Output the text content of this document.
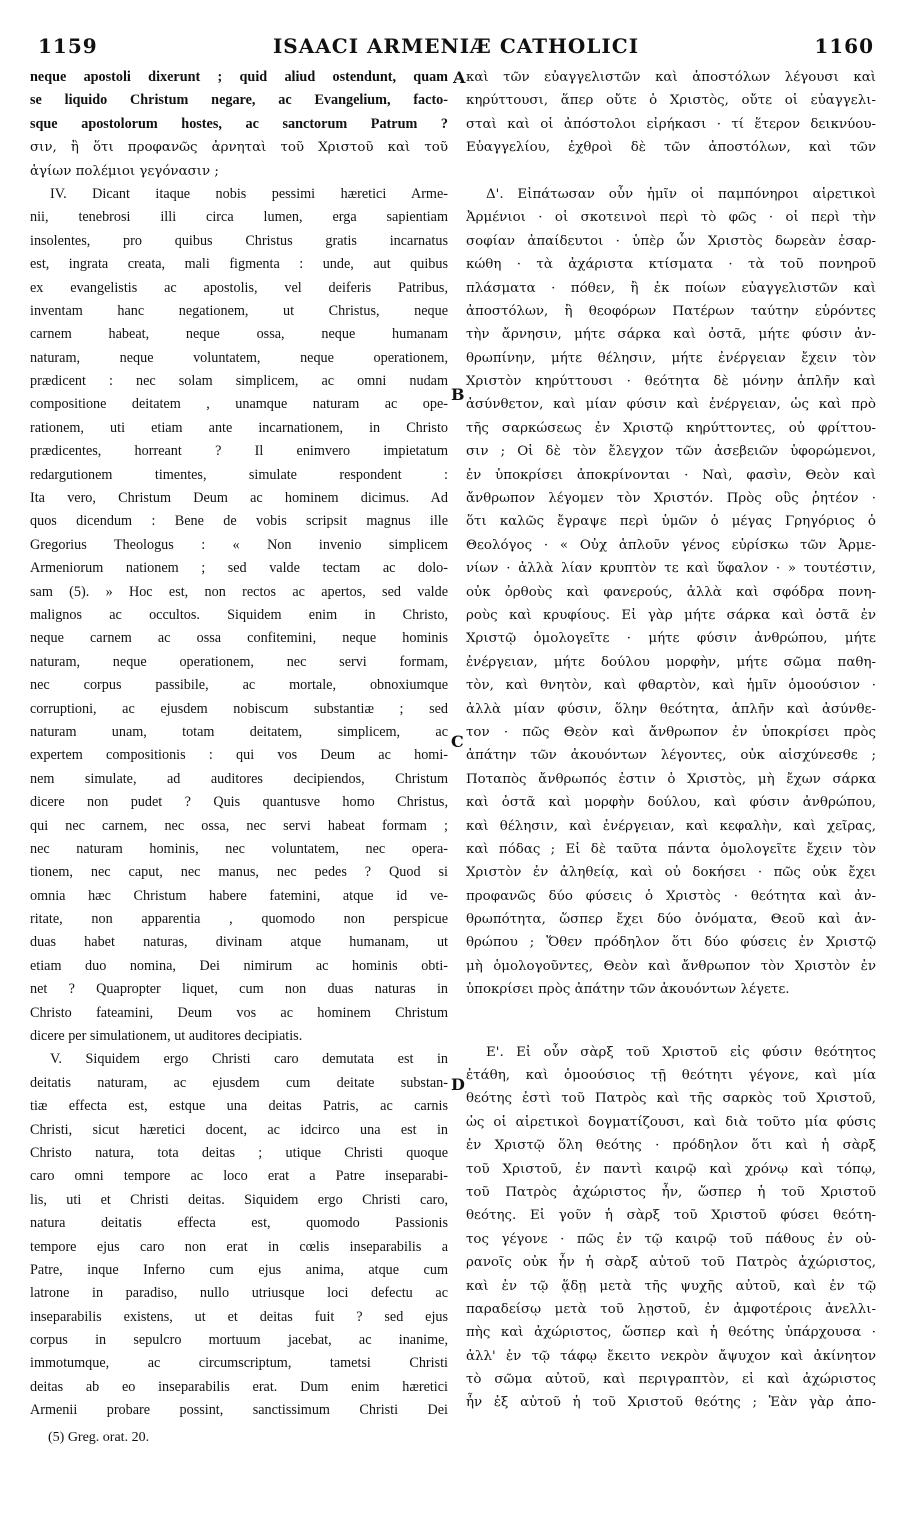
1159	ISAACI ARMENIÆ CATHOLICI	1160
A
B
C
D
neque apostoli dixerunt ; quid aliud ostendunt, quam
se liquido Christum negare, ac Evangelium, facto-
sque apostolorum hostes, ac sanctorum Patrum ?
σιν, ἢ ὅτι προφανῶς ἀρνηταὶ τοῦ Χριστοῦ καὶ τοῦ
ἁγίων πολέμιοι γεγόνασιν ;
IV. Dicant itaque nobis pessimi hæretici Arme-
nii, tenebrosi illi circa lumen, erga sapientiam
insolentes, pro quibus Christus gratis incarnatus
est, ingrata creata, mali figmenta : unde, aut quibus
ex evangelistis ac apostolis, vel deiferis Patribus,
inventam hanc negationem, ut Christus, neque
carnem habeat, neque ossa, neque humanam
naturam, neque voluntatem, neque operationem,
prædicent : nec solam simplicem, ac omni nudam
compositione deitatem , unamque naturam ac ope-
rationem, uti etiam ante incarnationem, in Christo
prædicentes, horreant ? Il enimvero impietatum
redargutionem timentes, simulate respondent :
Ita vero, Christum Deum ac hominem dicimus. Ad
quos dicendum : Bene de vobis scripsit magnus ille
Gregorius Theologus : « Non invenio simplicem
Armeniorum nationem ; sed valde tectam ac dolo-
sam (5). » Hoc est, non rectos ac apertos, sed valde
malignos ac occultos. Siquidem enim in Christo,
neque carnem ac ossa confitemini, neque hominis
naturam, neque operationem, nec servi formam,
nec corpus passibile, ac mortale, obnoxiumque
corruptioni, ac ejusdem nobiscum substantiæ ; sed
naturam unam, totam deitatem, simplicem, ac
expertem compositionis : qui vos Deum ac homi-
nem simulate, ad auditores decipiendos, Christum
dicere non pudet ? Quis quantusve homo Christus,
qui nec carnem, nec ossa, nec servi habeat formam ;
nec naturam hominis, nec voluntatem, nec opera-
tionem, nec caput, nec manus, nec pedes ? Quod si
omnia hæc Christum habere fatemini, atque id ve-
ritate, non apparentia , quomodo non perspicue
duas habet naturas, divinam atque humanam, ut
etiam duo nomina, Dei nimirum ac hominis obti-
net ? Quapropter liquet, cum non duas naturas in
Christo fateamini, Deum vos ac hominem Christum
dicere per simulationem, ut auditores decipiatis.
V. Siquidem ergo Christi caro demutata est in
deitatis naturam, ac ejusdem cum deitate substan-
tiæ effecta est, estque una deitas Patris, ac carnis
Christi, sicut hæretici docent, ac idcirco una est in
Christo natura, tota deitas ; utique Christi quoque
caro omni tempore ac loco erat a Patre inseparabi-
lis, uti et Christi deitas. Siquidem ergo Christi caro,
natura deitatis effecta est, quomodo Passionis
tempore ejus caro non erat in cœlis inseparabilis a
Patre, inque Inferno cum ejus anima, atque cum
latrone in paradiso, nullo utriusque loci defectu ac
inseparabilis existens, ut et deitas fuit ? sed ejus
corpus in sepulcro mortuum jacebat, ac inanime,
immotumque, ac circumscriptum, tametsi Christi
deitas ab eo inseparabilis erat. Dum enim hæretici
Armenii probare possint, sanctissimum Christi Dei
καὶ τῶν εὐαγγελιστῶν καὶ ἀποστόλων λέγουσι καὶ
κηρύττουσι, ἅπερ οὔτε ὁ Χριστὸς, οὔτε οἱ εὐαγγελι-
σταὶ καὶ οἱ ἀπόστολοι εἰρήκασι · τί ἕτερον δεικνύου-
Εὐαγγελίου, ἐχθροὶ δὲ τῶν ἀποστόλων, καὶ τῶν
Δ'. Εἰπάτωσαν οὖν ἡμῖν οἱ παμπόνηροι αἱρετικοὶ
Ἀρμένιοι · οἱ σκοτεινοὶ περὶ τὸ φῶς · οἱ περὶ τὴν
σοφίαν ἀπαίδευτοι · ὑπὲρ ὧν Χριστὸς δωρεὰν ἐσαρ-
κώθη · τὰ ἀχάριστα κτίσματα · τὰ τοῦ πονηροῦ
πλάσματα · πόθεν, ἢ ἐκ ποίων εὐαγγελιστῶν καὶ
ἀποστόλων, ἢ θεοφόρων Πατέρων ταύτην εὑρόντες
τὴν ἄρνησιν, μήτε σάρκα καὶ ὀστᾶ, μήτε φύσιν ἀν-
θρωπίνην, μήτε θέλησιν, μήτε ἐνέργειαν ἔχειν τὸν
Χριστὸν κηρύττουσι · θεότητα δὲ μόνην ἁπλῆν καὶ
ἀσύνθετον, καὶ μίαν φύσιν καὶ ἐνέργειαν, ὡς καὶ πρὸ
τῆς σαρκώσεως ἐν Χριστῷ κηρύττοντες, οὐ φρίττου-
σιν ; Οἱ δὲ τὸν ἔλεγχον τῶν ἀσεβειῶν ὑφορώμενοι,
ἐν ὑποκρίσει ἀποκρίνονται · Ναὶ, φασὶν, Θεὸν καὶ
ἄνθρωπον λέγομεν τὸν Χριστόν. Πρὸς οὓς ῥητέον ·
ὅτι καλῶς ἔγραψε περὶ ὑμῶν ὁ μέγας Γρηγόριος ὁ
Θεολόγος · « Οὐχ ἁπλοῦν γένος εὑρίσκω τῶν Ἀρμε-
νίων · ἀλλὰ λίαν κρυπτὸν τε καὶ ὕφαλον · » τουτέστιν,
οὐκ ὀρθοὺς καὶ φανερούς, ἀλλὰ καὶ σφόδρα πονη-
ροὺς καὶ κρυφίους. Εἰ γὰρ μήτε σάρκα καὶ ὀστᾶ ἐν
Χριστῷ ὁμολογεῖτε · μήτε φύσιν ἀνθρώπου, μήτε
ἐνέργειαν, μήτε δούλου μορφὴν, μήτε σῶμα παθη-
τὸν, καὶ θνητὸν, καὶ φθαρτὸν, καὶ ἡμῖν ὁμοούσιον ·
ἀλλὰ μίαν φύσιν, ὅλην θεότητα, ἁπλῆν καὶ ἀσύνθε-
τον · πῶς Θεὸν καὶ ἄνθρωπον ἐν ὑποκρίσει πρὸς
ἀπάτην τῶν ἀκουόντων λέγοντες, οὐκ αἰσχύνεσθε ;
Ποταπὸς ἄνθρωπός ἐστιν ὁ Χριστὸς, μὴ ἔχων σάρκα
καὶ ὀστᾶ καὶ μορφὴν δούλου, καὶ φύσιν ἀνθρώπου,
καὶ θέλησιν, καὶ ἐνέργειαν, καὶ κεφαλὴν, καὶ χεῖρας,
καὶ πόδας ; Εἰ δὲ ταῦτα πάντα ὁμολογεῖτε ἔχειν τὸν
Χριστὸν ἐν ἀληθείᾳ, καὶ οὐ δοκήσει · πῶς οὐκ ἔχει
προφανῶς δύο φύσεις ὁ Χριστὸς · θεότητα καὶ ἀν-
θρωπότητα, ὥσπερ ἔχει δύο ὀνόματα, Θεοῦ καὶ ἀν-
θρώπου ; Ὅθεν πρόδηλον ὅτι δύο φύσεις ἐν Χριστῷ
μὴ ὁμολογοῦντες, Θεὸν καὶ ἄνθρωπον τὸν Χριστὸν ἐν
ὑποκρίσει πρὸς ἀπάτην τῶν ἀκουόντων λέγετε.
Ε'. Εἰ οὖν σὰρξ τοῦ Χριστοῦ εἰς φύσιν θεότητος
ἐτάθη, καὶ ὁμοούσιος τῇ θεότητι γέγονε, καὶ μία
θεότης ἐστὶ τοῦ Πατρὸς καὶ τῆς σαρκὸς τοῦ Χριστοῦ,
ὡς οἱ αἱρετικοὶ δογματίζουσι, καὶ διὰ τοῦτο μία φύσις
ἐν Χριστῷ ὅλη θεότης · πρόδηλον ὅτι καὶ ἡ σὰρξ
τοῦ Χριστοῦ, ἐν παντὶ καιρῷ καὶ χρόνῳ καὶ τόπῳ,
τοῦ Πατρὸς ἀχώριστος ἦν, ὥσπερ ἡ τοῦ Χριστοῦ
θεότης. Εἰ γοῦν ἡ σὰρξ τοῦ Χριστοῦ φύσει θεότη-
τος γέγονε · πῶς ἐν τῷ καιρῷ τοῦ πάθους ἐν οὐ-
ρανοῖς οὐκ ἦν ἡ σὰρξ αὐτοῦ τοῦ Πατρὸς ἀχώριστος,
καὶ ἐν τῷ ᾅδῃ μετὰ τῆς ψυχῆς αὐτοῦ, καὶ ἐν τῷ
παραδείσῳ μετὰ τοῦ λῃστοῦ, ἐν ἀμφοτέροις ἀνελλι-
πὴς καὶ ἀχώριστος, ὥσπερ καὶ ἡ θεότης ὑπάρχουσα ·
ἀλλ' ἐν τῷ τάφῳ ἔκειτο νεκρὸν ἄψυχον καὶ ἀκίνητον
τὸ σῶμα αὐτοῦ, καὶ περιγραπτὸν, εἰ καὶ ἀχώριστος
ἦν ἐξ αὐτοῦ ἡ τοῦ Χριστοῦ θεότης ; Ἐὰν γὰρ ἀπο-
(5) Greg. orat. 20.
